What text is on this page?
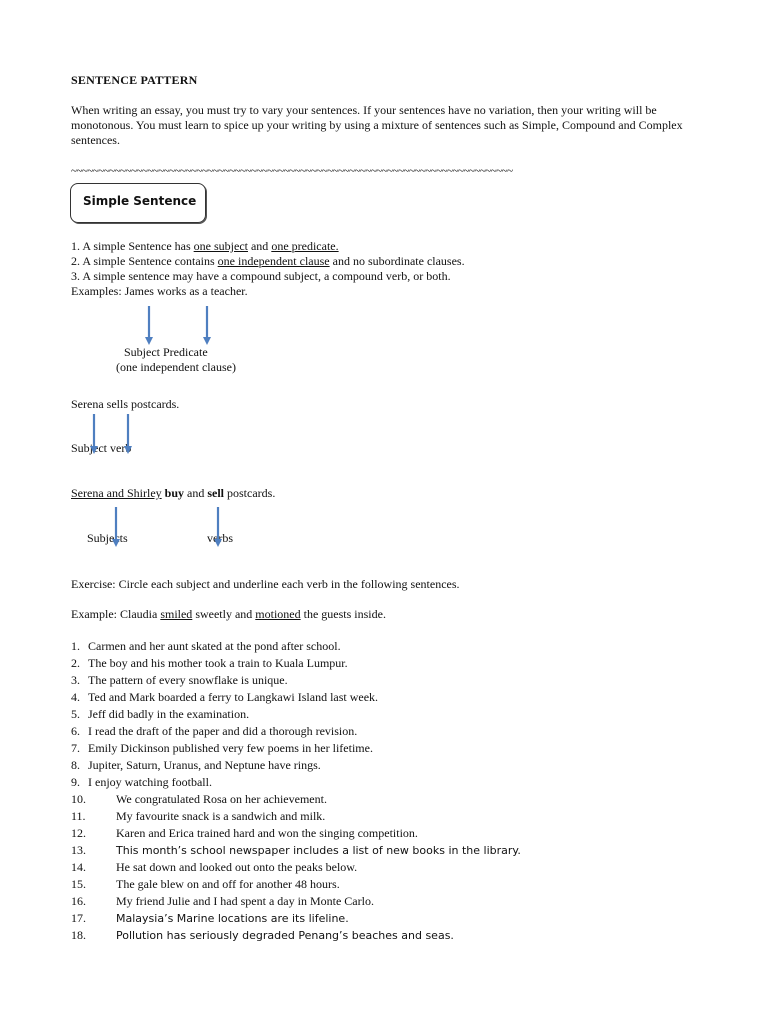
SENTENCE PATTERN
When writing an essay, you must try to vary your sentences. If your sentences have no variation, then your writing will be monotonous. You must learn to spice up your writing by using a mixture of sentences such as Simple, Compound and Complex sentences.
~~~~~~~~~~~~~~~~~~~~~~~~~~~~~~~~~~~~~~~~~~~~~~~~~~~~~~~~~~~~~~~~~~~~~~~~~~~~~~~~~
Simple Sentence
1. A simple Sentence has one subject and one predicate.
2. A simple Sentence contains one independent clause and no subordinate clauses.
3. A simple sentence may have a compound subject, a compound verb, or both.
Examples: James works as a teacher.
Subject Predicate
(one independent clause)
Serena sells postcards.
Subject verb
Serena and Shirley buy and sell postcards.
Subjects	verbs
Exercise: Circle each subject and underline each verb in the following sentences.
Example: Claudia smiled sweetly and motioned the guests inside.
1. Carmen and her aunt skated at the pond after school.
2. The boy and his mother took a train to Kuala Lumpur.
3. The pattern of every snowflake is unique.
4. Ted and Mark boarded a ferry to Langkawi Island last week.
5. Jeff did badly in the examination.
6. I read the draft of the paper and did a thorough revision.
7. Emily Dickinson published very few poems in her lifetime.
8. Jupiter, Saturn, Uranus, and Neptune have rings.
9. I enjoy watching football.
10.	We congratulated Rosa on her achievement.
11.	My favourite snack is a sandwich and milk.
12.	Karen and Erica trained hard and won the singing competition.
13.	This month’s school newspaper includes a list of new books in the library.
14.	He sat down and looked out onto the peaks below.
15.	The gale blew on and off for another 48 hours.
16.	My friend Julie and I had spent a day in Monte Carlo.
17.	Malaysia’s Marine locations are its lifeline.
18.	Pollution has seriously degraded Penang’s beaches and seas.
